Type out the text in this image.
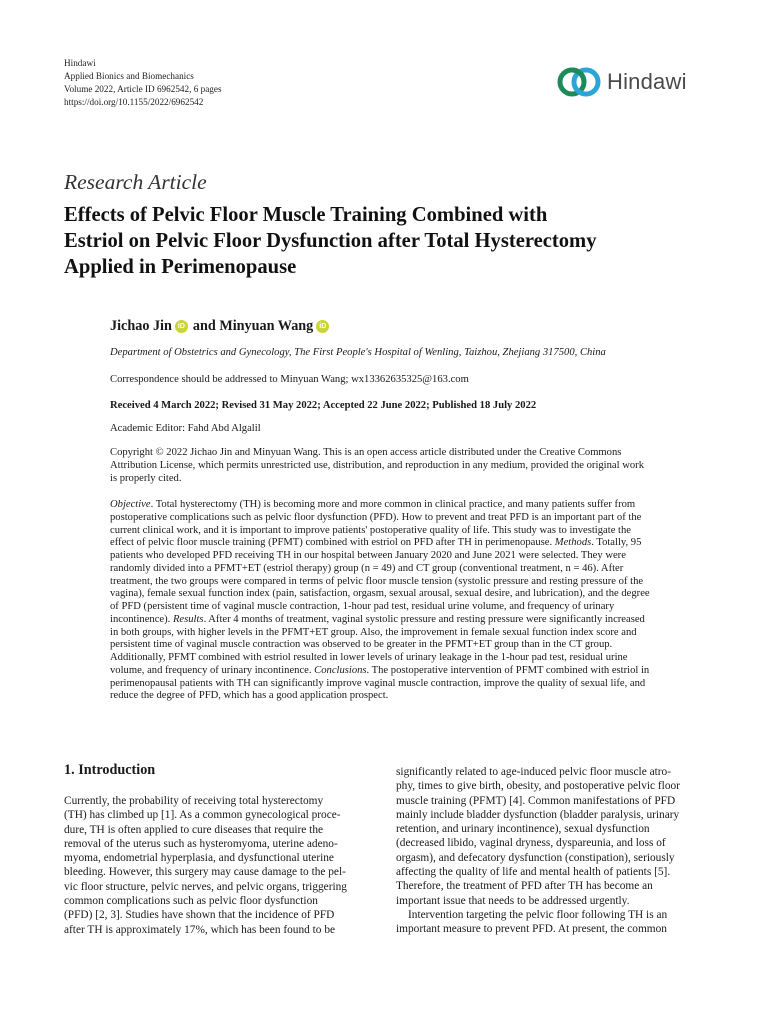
Hindawi
Applied Bionics and Biomechanics
Volume 2022, Article ID 6962542, 6 pages
https://doi.org/10.1155/2022/6962542
Hindawi
Research Article
Effects of Pelvic Floor Muscle Training Combined with
Estriol on Pelvic Floor Dysfunction after Total Hysterectomy
Applied in Perimenopause
Jichao Jin iD and
Minyuan Wang iD
Department of Obstetrics and Gynecology, The First People's Hospital of Wenling, Taizhou, Zhejiang 317500, China
Correspondence should be addressed to Minyuan Wang; wx13362635325@163.com
Received 4 March 2022; Revised 31 May 2022; Accepted 22 June 2022; Published 18 July 2022
Academic Editor: Fahd Abd Algalil
Copyright © 2022 Jichao Jin and Minyuan Wang. This is an open access article distributed under the Creative Commons
Attribution License, which permits unrestricted use, distribution, and reproduction in any medium, provided the original work
is properly cited.
Objective. Total hysterectomy (TH) is becoming more and more common in clinical practice, and many patients suffer from
postoperative complications such as pelvic floor dysfunction (PFD). How to prevent and treat PFD is an important part of the
current clinical work, and it is important to improve patients' postoperative quality of life. This study was to investigate the
effect of pelvic floor muscle training (PFMT) combined with estriol on PFD after TH in perimenopause. Methods. Totally, 95
patients who developed PFD receiving TH in our hospital between January 2020 and June 2021 were selected. They were
randomly divided into a PFMT+ET (estriol therapy) group (n = 49) and CT group (conventional treatment, n = 46). After
treatment, the two groups were compared in terms of pelvic floor muscle tension (systolic pressure and resting pressure of the
vagina), female sexual function index (pain, satisfaction, orgasm, sexual arousal, sexual desire, and lubrication), and the degree
of PFD (persistent time of vaginal muscle contraction, 1-hour pad test, residual urine volume, and frequency of urinary
incontinence). Results. After 4 months of treatment, vaginal systolic pressure and resting pressure were significantly increased
in both groups, with higher levels in the PFMT+ET group. Also, the improvement in female sexual function index score and
persistent time of vaginal muscle contraction was observed to be greater in the PFMT+ET group than in the CT group.
Additionally, PFMT combined with estriol resulted in lower levels of urinary leakage in the 1-hour pad test, residual urine
volume, and frequency of urinary incontinence. Conclusions. The postoperative intervention of PFMT combined with estriol in
perimenopausal patients with TH can significantly improve vaginal muscle contraction, improve the quality of sexual life, and
reduce the degree of PFD, which has a good application prospect.
1. Introduction
Currently, the probability of receiving total hysterectomy
(TH) has climbed up [1]. As a common gynecological proce-
dure, TH is often applied to cure diseases that require the
removal of the uterus such as hysteromyoma, uterine adeno-
myoma, endometrial hyperplasia, and dysfunctional uterine
bleeding. However, this surgery may cause damage to the pel-
vic floor structure, pelvic nerves, and pelvic organs, triggering
common complications such as pelvic floor dysfunction
(PFD) [2, 3]. Studies have shown that the incidence of PFD
after TH is approximately 17%, which has been found to be
significantly related to age-induced pelvic floor muscle atro-
phy, times to give birth, obesity, and postoperative pelvic floor
muscle training (PFMT) [4]. Common manifestations of PFD
mainly include bladder dysfunction (bladder paralysis, urinary
retention, and urinary incontinence), sexual dysfunction
(decreased libido, vaginal dryness, dyspareunia, and loss of
orgasm), and defecatory dysfunction (constipation), seriously
affecting the quality of life and mental health of patients [5].
Therefore, the treatment of PFD after TH has become an
important issue that needs to be addressed urgently.
Intervention targeting the pelvic floor following TH is an
important measure to prevent PFD. At present, the common
